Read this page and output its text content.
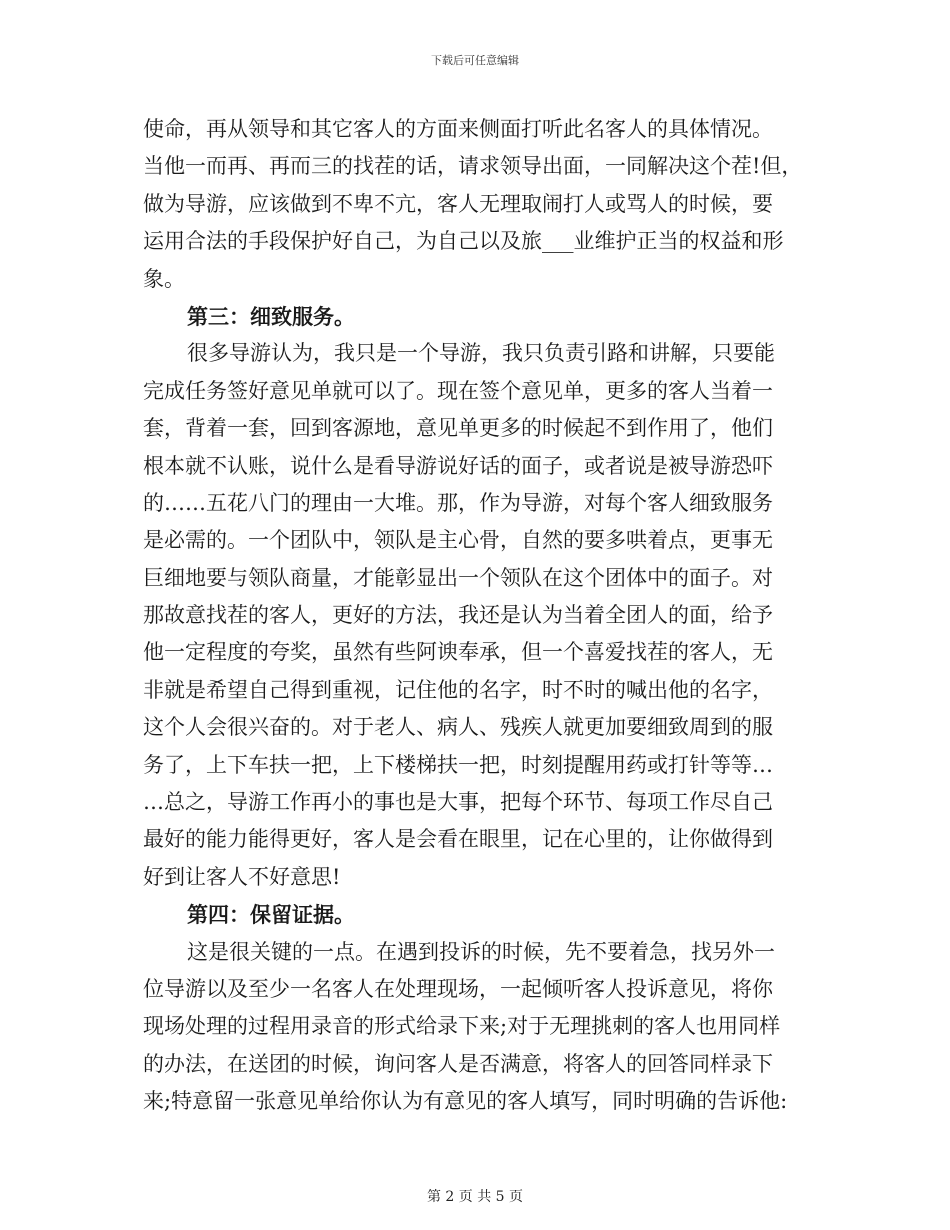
下载后可任意编辑
使命，再从领导和其它客人的方面来侧面打听此名客人的具体情况。
当他一而再、再而三的找茬的话，请求领导出面，一同解决这个茬!但，
做为导游，应该做到不卑不亢，客人无理取闹打人或骂人的时候，要
运用合法的手段保护好自己，为自己以及旅___业维护正当的权益和形
象。
第三：细致服务。
很多导游认为，我只是一个导游，我只负责引路和讲解，只要能
完成任务签好意见单就可以了。现在签个意见单，更多的客人当着一
套，背着一套，回到客源地，意见单更多的时候起不到作用了，他们
根本就不认账，说什么是看导游说好话的面子，或者说是被导游恐吓
的……五花八门的理由一大堆。那，作为导游，对每个客人细致服务
是必需的。一个团队中，领队是主心骨，自然的要多哄着点，更事无
巨细地要与领队商量，才能彰显出一个领队在这个团体中的面子。对
那故意找茬的客人，更好的方法，我还是认为当着全团人的面，给予
他一定程度的夸奖，虽然有些阿谀奉承，但一个喜爱找茬的客人，无
非就是希望自己得到重视，记住他的名字，时不时的喊出他的名字，
这个人会很兴奋的。对于老人、病人、残疾人就更加要细致周到的服
务了，上下车扶一把，上下楼梯扶一把，时刻提醒用药或打针等等…
…总之，导游工作再小的事也是大事，把每个环节、每项工作尽自己
最好的能力能得更好，客人是会看在眼里，记在心里的，让你做得到
好到让客人不好意思!
第四：保留证据。
这是很关键的一点。在遇到投诉的时候，先不要着急，找另外一
位导游以及至少一名客人在处理现场，一起倾听客人投诉意见，将你
现场处理的过程用录音的形式给录下来;对于无理挑刺的客人也用同样
的办法，在送团的时候，询问客人是否满意，将客人的回答同样录下
来;特意留一张意见单给你认为有意见的客人填写，同时明确的告诉他:
第 2 页 共 5 页
